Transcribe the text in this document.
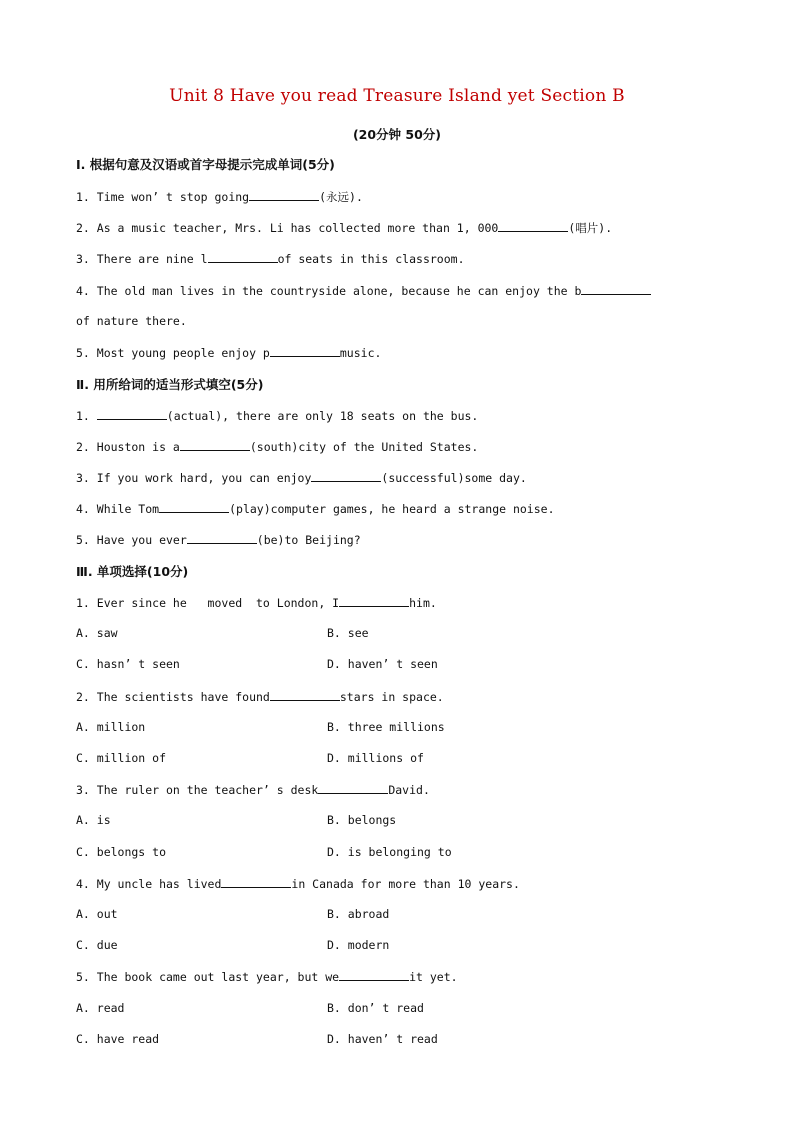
Unit 8 Have you read Treasure Island yet Section B
(20分钟 50分)
Ⅰ. 根据句意及汉语或首字母提示完成单词(5分)
1. Time won’ t stop going	(永远).
2. As a music teacher, Mrs. Li has collected more than 1, 000	(唱片).
3. There are nine l	of seats in this classroom.
4. The old man lives in the countryside alone, because he can enjoy the b
of nature there.
5. Most young people enjoy p	music.
Ⅱ. 用所给词的适当形式填空(5分)
1.	(actual), there are only 18 seats on the bus.
2. Houston is a	(south)city of the United States.
3. If you work hard, you can enjoy	(successful)some day.
4. While Tom	(play)computer games, he heard a strange noise.
5. Have you ever	(be)to Beijing?
Ⅲ. 单项选择(10分)
1. Ever since he   moved  to London, I	him.
A. saw	B. see
C. hasn’ t seen	D. haven’ t seen
2. The scientists have found	stars in space.
A. million	B. three millions
C. million of	D. millions of
3. The ruler on the teacher’ s desk	David.
A. is	B. belongs
C. belongs to	D. is belonging to
4. My uncle has lived	in Canada for more than 10 years.
A. out	B. abroad
C. due	D. modern
5. The book came out last year, but we	it yet.
A. read	B. don’ t read
C. have read	D. haven’ t read
